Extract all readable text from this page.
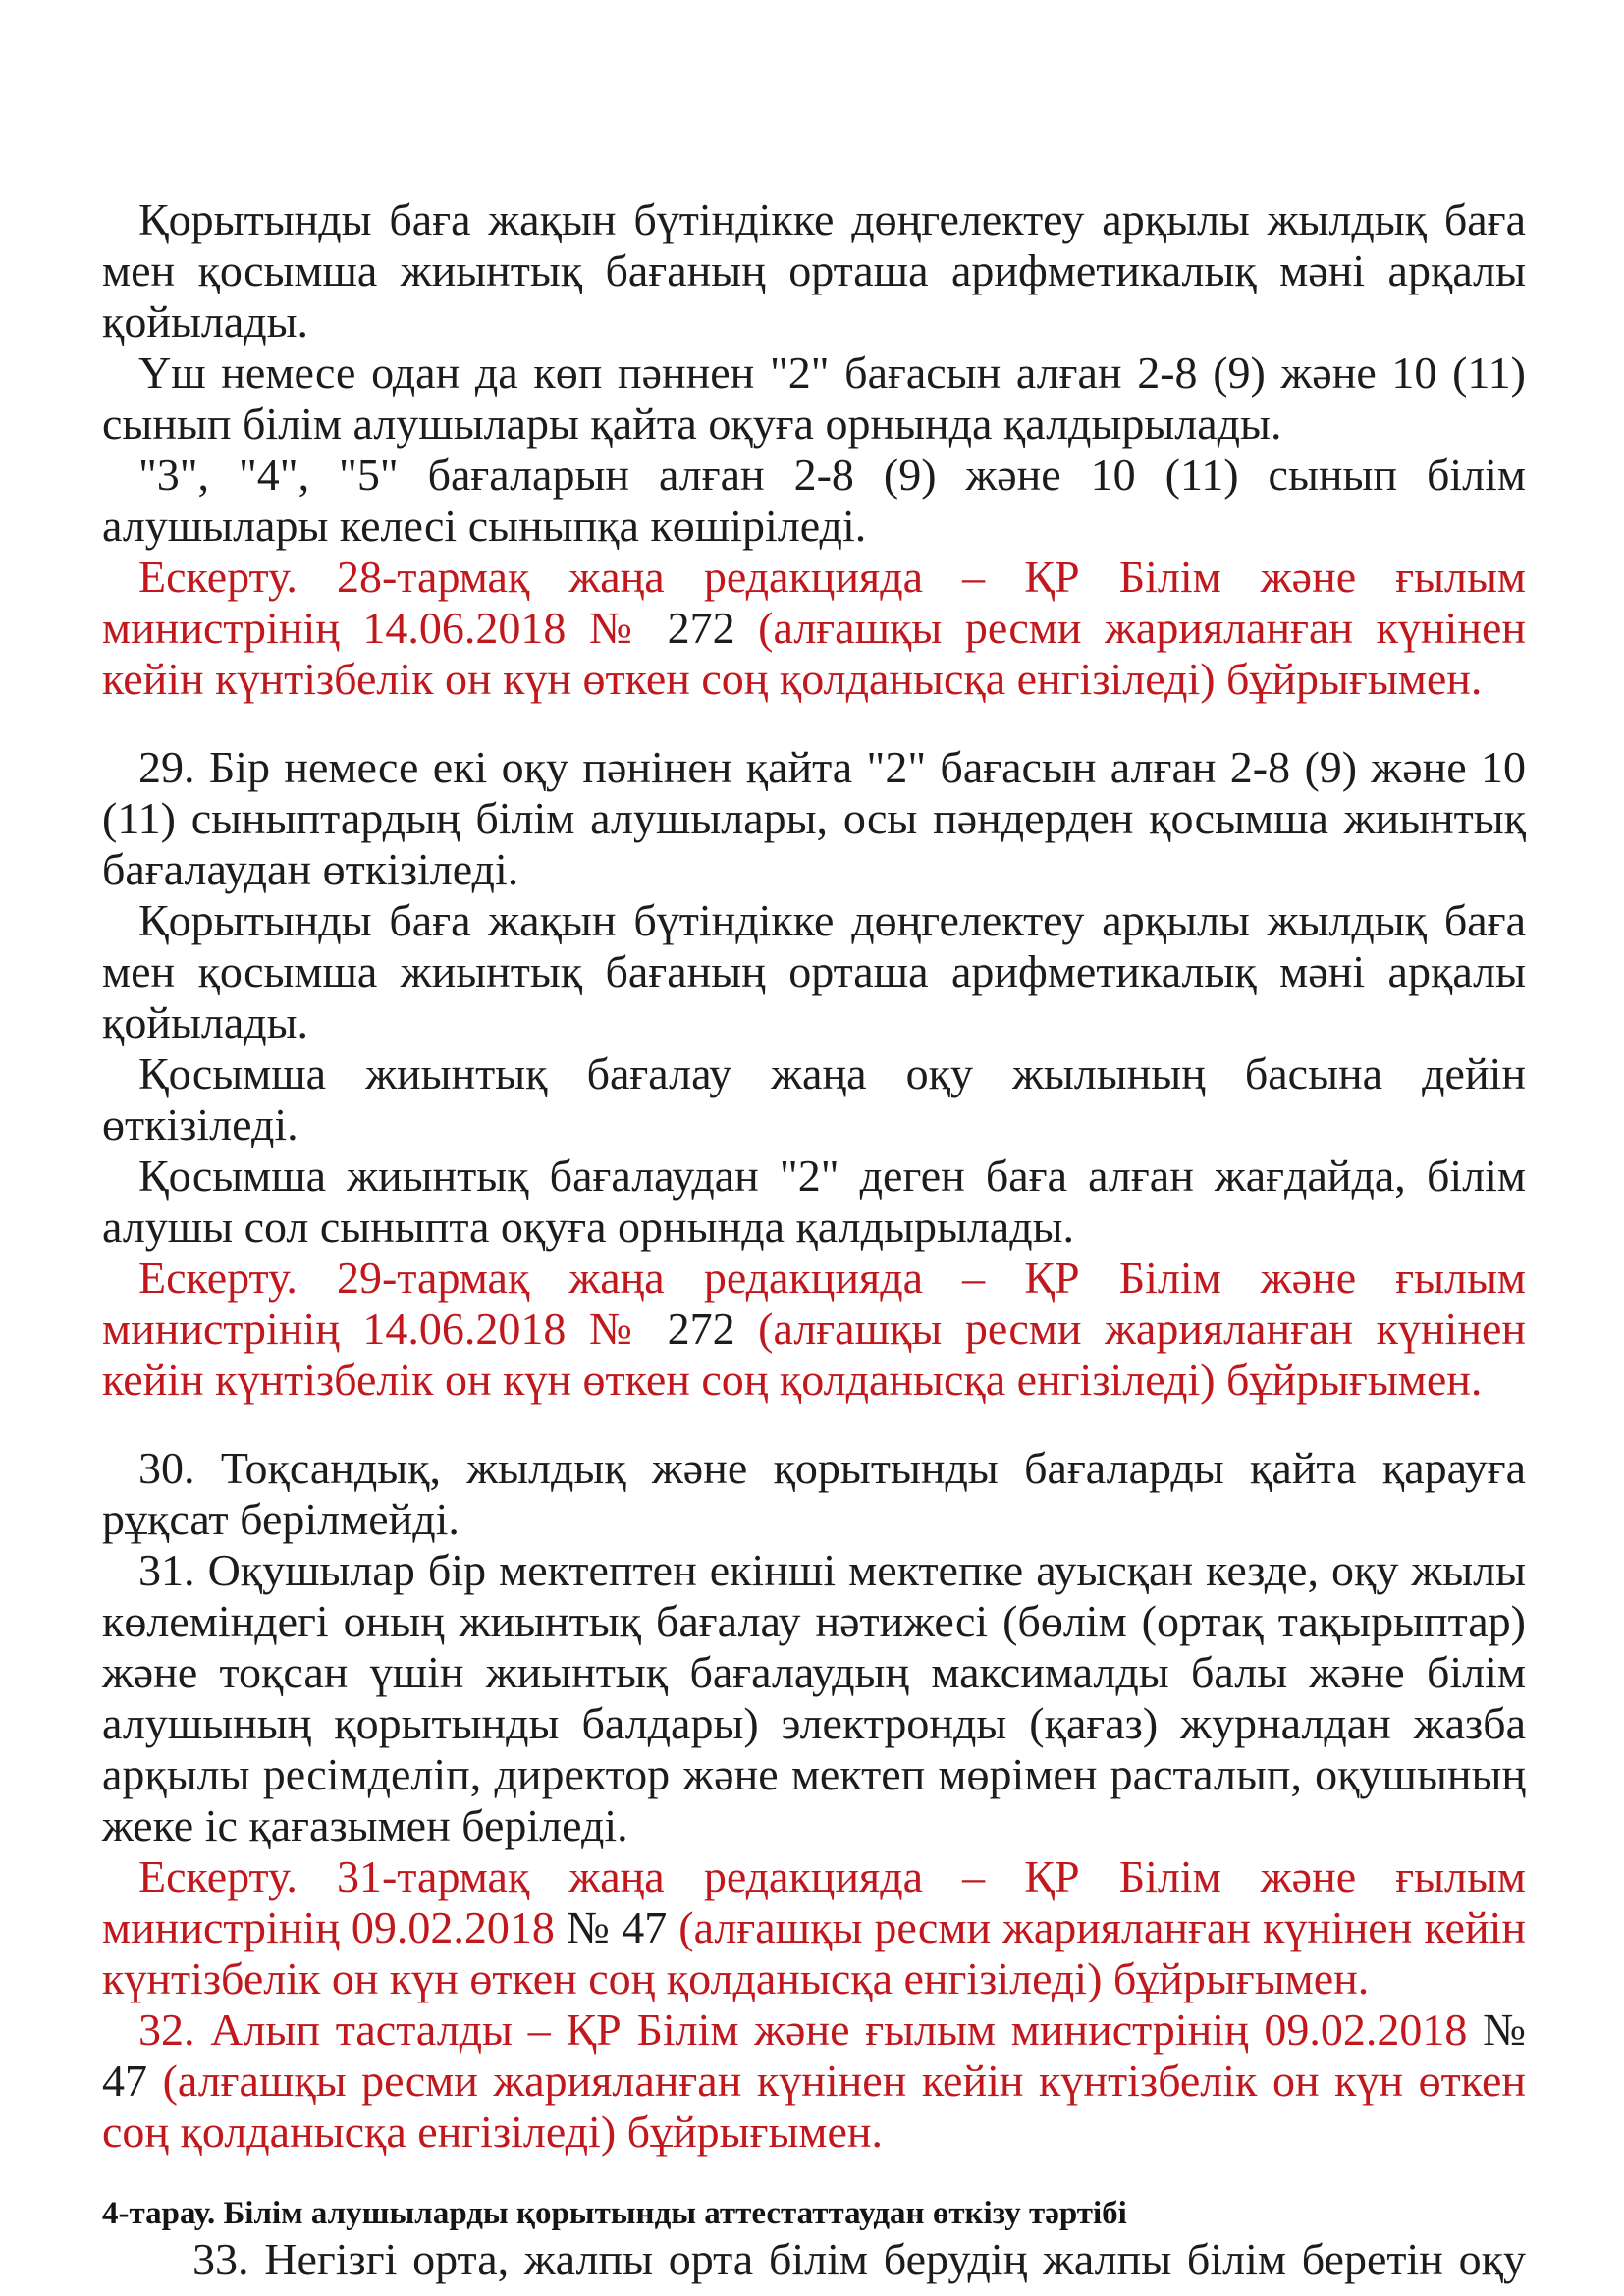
Қорытынды баға жақын бүтіндікке дөңгелектеу арқылы жылдық баға мен қосымша жиынтық бағаның орташа арифметикалық мәні арқалы қойылады.

Үш немесе одан да көп пәннен "2" бағасын алған 2-8 (9) және 10 (11) сынып білім алушылары қайта оқуға орнында қалдырылады.

"3", "4", "5" бағаларын алған 2-8 (9) және 10 (11) сынып білім алушылары келесі сыныпқа көшіріледі.

Ескерту. 28-тармақ жаңа редакцияда – ҚР Білім және ғылым министрінің 14.06.2018 № 272 (алғашқы ресми жарияланған күнінен кейін күнтізбелік он күн өткен соң қолданысқа енгізіледі) бұйрығымен.

29. Бір немесе екі оқу пәнінен қайта "2" бағасын алған 2-8 (9) және 10 (11) сыныптардың білім алушылары, осы пәндерден қосымша жиынтық бағалаудан өткізіледі.

Қорытынды баға жақын бүтіндікке дөңгелектеу арқылы жылдық баға мен қосымша жиынтық бағаның орташа арифметикалық мәні арқалы қойылады.

Қосымша жиынтық бағалау жаңа оқу жылының басына дейін өткізіледі.

Қосымша жиынтық бағалаудан "2" деген баға алған жағдайда, білім алушы сол сыныпта оқуға орнында қалдырылады.

Ескерту. 29-тармақ жаңа редакцияда – ҚР Білім және ғылым министрінің 14.06.2018 № 272 (алғашқы ресми жарияланған күнінен кейін күнтізбелік он күн өткен соң қолданысқа енгізіледі) бұйрығымен.

30. Тоқсандық, жылдық және қорытынды бағаларды қайта қарауға рұқсат берілмейді.

31. Оқушылар бір мектептен екінші мектепке ауысқан кезде, оқу жылы көлеміндегі оның жиынтық бағалау нәтижесі (бөлім (ортақ тақырыптар) және тоқсан үшін жиынтық бағалаудың максималды балы және білім алушының қорытынды балдары) электронды (қағаз) журналдан жазба арқылы ресімделіп, директор және мектеп мөрімен расталып, оқушының жеке іс қағазымен беріледі.

Ескерту. 31-тармақ жаңа редакцияда – ҚР Білім және ғылым министрінің 09.02.2018 № 47 (алғашқы ресми жарияланған күнінен кейін күнтізбелік он күн өткен соң қолданысқа енгізіледі) бұйрығымен.

32. Алып тасталды – ҚР Білім және ғылым министрінің 09.02.2018 № 47 (алғашқы ресми жарияланған күнінен кейін күнтізбелік он күн өткен соң қолданысқа енгізіледі) бұйрығымен.

4-тарау. Білім алушыларды қорытынды аттестаттаудан өткізу тәртібі

33. Негізгі орта, жалпы орта білім берудің жалпы білім беретін оқу
